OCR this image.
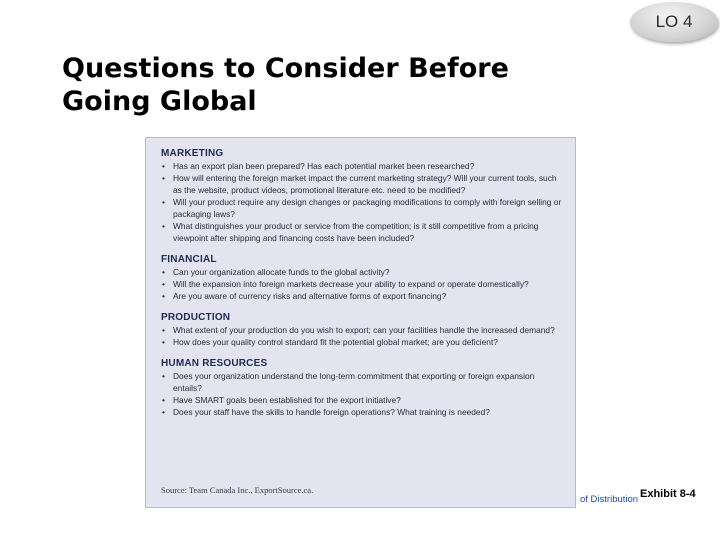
LO 4
Questions to Consider Before
Going Global
MARKETING
• Has an export plan been prepared? Has each potential market been researched?
• How will entering the foreign market impact the current marketing strategy? Will your current tools, such as the website, product videos, promotional literature etc. need to be modified?
• Will your product require any design changes or packaging modifications to comply with foreign selling or packaging laws?
• What distinguishes your product or service from the competition; is it still competitive from a pricing viewpoint after shipping and financing costs have been included?
FINANCIAL
• Can your organization allocate funds to the global activity?
• Will the expansion into foreign markets decrease your ability to expand or operate domestically?
• Are you aware of currency risks and alternative forms of export financing?
PRODUCTION
• What extent of your production do you wish to export; can your facilities handle the increased demand?
• How does your quality control standard fit the potential global market; are you deficient?
HUMAN RESOURCES
• Does your organization understand the long-term commitment that exporting or foreign expansion entails?
• Have SMART goals been established for the export initiative?
• Does your staff have the skills to handle foreign operations? What training is needed?
Source: Team Canada Inc., ExportSource.ca.
of Distribution Exhibit 8-4
